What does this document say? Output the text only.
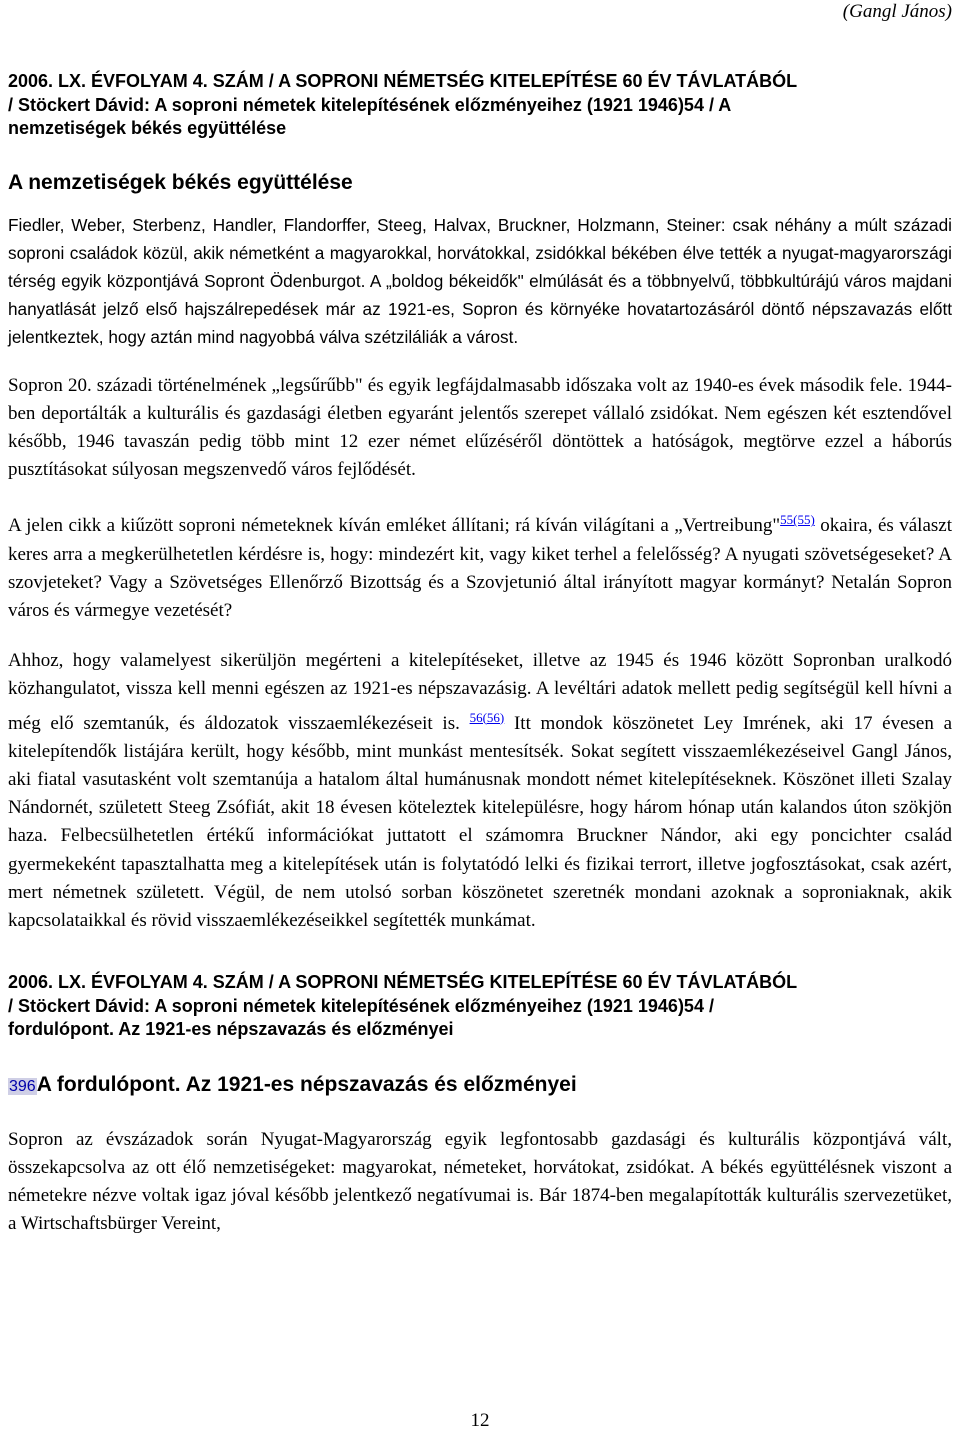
(Gangl János)
2006. LX. ÉVFOLYAM 4. SZÁM / A SOPRONI NÉMETSÉG KITELEPÍTÉSE 60 ÉV TÁVLATÁBÓL
/ Stöckert Dávid: A soproni németek kitelepítésének előzményeihez (1921 1946)54 / A
nemzetiségek békés együttélése
A nemzetiségek békés együttélése

Fiedler, Weber, Sterbenz, Handler, Flandorffer, Steeg, Halvax, Bruckner, Holzmann, Steiner: csak néhány a múlt századi soproni családok közül, akik németként a magyarokkal, horvátokkal, zsidókkal békében élve tették a nyugat-magyarországi térség egyik központjává Sopront Ödenburgot. A „boldog békeidők" elmúlását és a többnyelvű, többkultúrájú város majdani hanyatlását jelző első hajszálrepedések már az 1921-es, Sopron és környéke hovatartozásáról döntő népszavazás előtt jelentkeztek, hogy aztán mind nagyobbá válva szétziláliák a várost.

Sopron 20. századi történelmének „legsűrűbb" és egyik legfájdalmasabb időszaka volt az 1940-es évek második fele. 1944-ben deportálták a kulturális és gazdasági életben egyaránt jelentős szerepet vállaló zsidókat. Nem egészen két esztendővel később, 1946 tavaszán pedig több mint 12 ezer német elűzéséről döntöttek a hatóságok, megtörve ezzel a háborús pusztításokat súlyosan megszenvedő város fejlődését.

A jelen cikk a kiűzött soproni németeknek kíván emléket állítani; rá kíván világítani a „Vertreibung"$^{55(55)}$ okaira, és választ keres arra a megkerülhetetlen kérdésre is, hogy: mindezért kit, vagy kiket terhel a felelősség? A nyugati szövetségeseket? A szovjeteket? Vagy a Szövetséges Ellenőrző Bizottság és a Szovjetunió által irányított magyar kormányt? Netalán Sopron város és vármegye vezetését?

Ahhoz, hogy valamelyest sikerüljön megérteni a kitelepítéseket, illetve az 1945 és 1946 között Sopronban uralkodó közhangulatot, vissza kell menni egészen az 1921-es népszavazásig. A levéltári adatok mellett pedig segítségül kell hívni a még elő szemtanúk, és áldozatok visszaemlékezéseit is. $^{56(56)}$ Itt mondok köszönetet Ley Imrének, aki 17 évesen a kitelepítendők listájára került, hogy később, mint munkást mentesítsék. Sokat segített visszaemlékezéseivel Gangl János, aki fiatal vasutasként volt szemtanúja a hatalom által humánusnak mondott német kitelepítéseknek. Köszönet illeti Szalay Nándornét, született Steeg Zsófiát, akit 18 évesen köteleztek kitelepülésre, hogy három hónap után kalandos úton szökjön haza. Felbecsülhetetlen értékű információkat juttatott el számomra Bruckner Nándor, aki egy poncichter család gyermekeként tapasztalhatta meg a kitelepítések után is folytatódó lelki és fizikai terrort, illetve jogfosztásokat, csak azért, mert németnek született. Végül, de nem utolsó sorban köszönetet szeretnék mondani azoknak a soproniaknak, akik kapcsolataikkal és rövid visszaemlékezéseikkel segítették munkámat.

2006. LX. ÉVFOLYAM 4. SZÁM / A SOPRONI NÉMETSÉG KITELEPÍTÉSE 60 ÉV TÁVLATÁBÓL
/ Stöckert Dávid: A soproni németek kitelepítésének előzményeihez (1921 1946)54 /
fordulópont. Az 1921-es népszavazás és előzményei
396A fordulópont. Az 1921-es népszavazás és előzményei

Sopron az évszázadok során Nyugat-Magyarország egyik legfontosabb gazdasági és kulturális központjává vált, összekapcsolva az ott élő nemzetiségeket: magyarokat, németeket, horvátokat, zsidókat. A békés együttélésnek viszont a németekre nézve voltak igaz jóval később jelentkező negatívumai is. Bár 1874-ben megalapították kulturális szervezetüket, a Wirtschaftsbürger Vereint,

12
